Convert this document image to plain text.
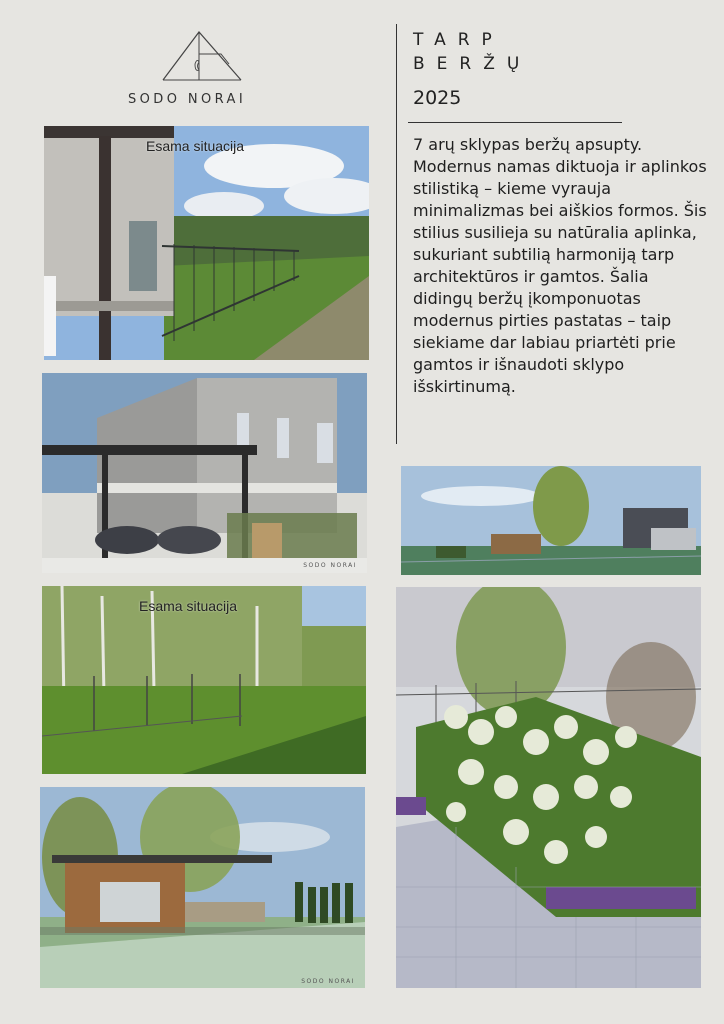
SODO NORAI
TARP
BERŽŲ
2025
7 arų sklypas beržų apsupty. Modernus namas diktuoja ir aplinkos stilistiką – kieme vyrauja minimalizmas bei aiškios formos. Šis stilius susilieja su natūralia aplinka, sukuriant subtilią harmoniją tarp architektūros ir gamtos. Šalia didingų beržų įkomponuotas modernus pirties pastatas – taip siekiame dar labiau priartėti prie gamtos ir išnaudoti sklypo išskirtinumą.
Esama situacija
SODO NORAI
Esama situacija
SODO NORAI
